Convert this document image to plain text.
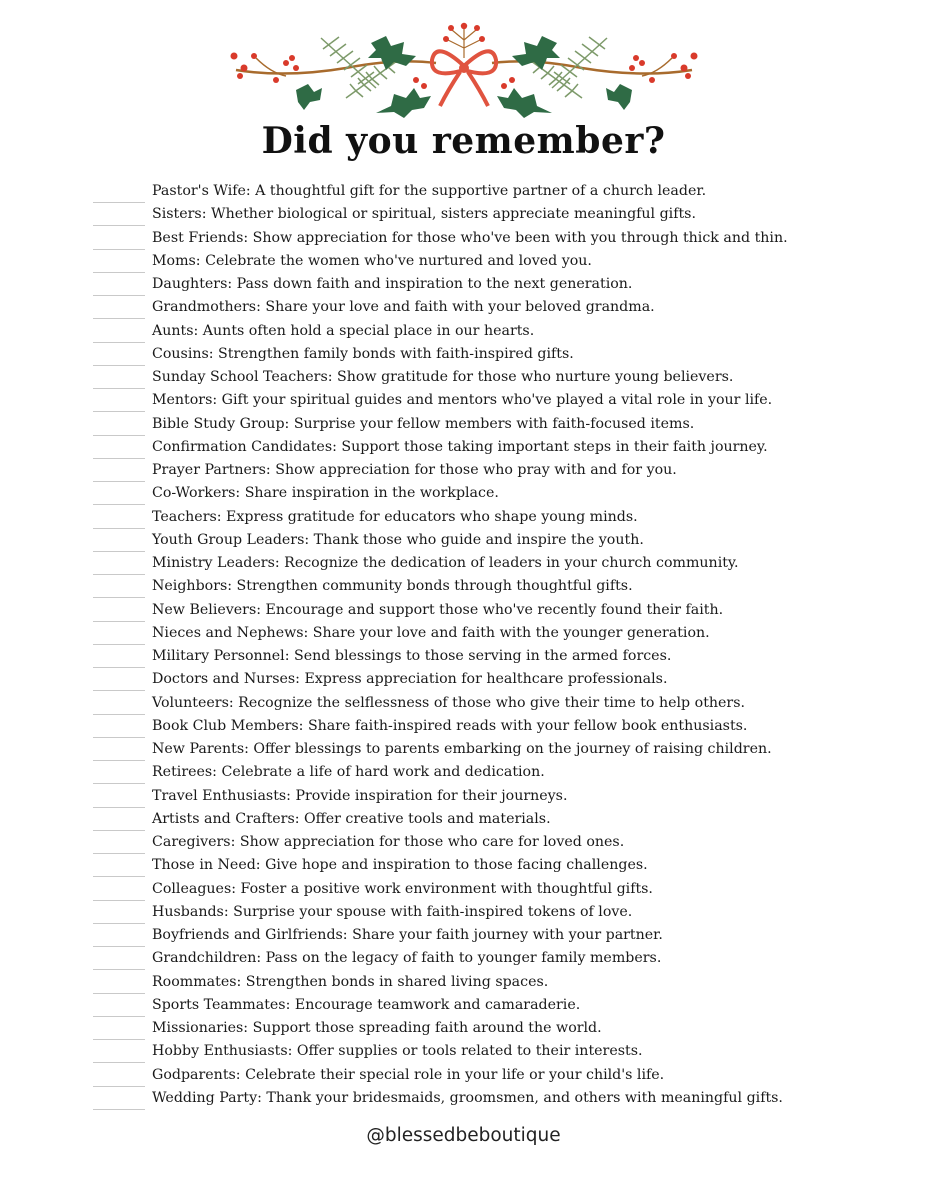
Did you remember?
Pastor's Wife: A thoughtful gift for the supportive partner of a church leader.
Sisters: Whether biological or spiritual, sisters appreciate meaningful gifts.
Best Friends: Show appreciation for those who've been with you through thick and thin.
Moms: Celebrate the women who've nurtured and loved you.
Daughters: Pass down faith and inspiration to the next generation.
Grandmothers: Share your love and faith with your beloved grandma.
Aunts: Aunts often hold a special place in our hearts.
Cousins: Strengthen family bonds with faith-inspired gifts.
Sunday School Teachers: Show gratitude for those who nurture young believers.
Mentors: Gift your spiritual guides and mentors who've played a vital role in your life.
Bible Study Group: Surprise your fellow members with faith-focused items.
Confirmation Candidates: Support those taking important steps in their faith journey.
Prayer Partners: Show appreciation for those who pray with and for you.
Co-Workers: Share inspiration in the workplace.
Teachers: Express gratitude for educators who shape young minds.
Youth Group Leaders: Thank those who guide and inspire the youth.
Ministry Leaders: Recognize the dedication of leaders in your church community.
Neighbors: Strengthen community bonds through thoughtful gifts.
New Believers: Encourage and support those who've recently found their faith.
Nieces and Nephews: Share your love and faith with the younger generation.
Military Personnel: Send blessings to those serving in the armed forces.
Doctors and Nurses: Express appreciation for healthcare professionals.
Volunteers: Recognize the selflessness of those who give their time to help others.
Book Club Members: Share faith-inspired reads with your fellow book enthusiasts.
New Parents: Offer blessings to parents embarking on the journey of raising children.
Retirees: Celebrate a life of hard work and dedication.
Travel Enthusiasts: Provide inspiration for their journeys.
Artists and Crafters: Offer creative tools and materials.
Caregivers: Show appreciation for those who care for loved ones.
Those in Need: Give hope and inspiration to those facing challenges.
Colleagues: Foster a positive work environment with thoughtful gifts.
Husbands: Surprise your spouse with faith-inspired tokens of love.
Boyfriends and Girlfriends: Share your faith journey with your partner.
Grandchildren: Pass on the legacy of faith to younger family members.
Roommates: Strengthen bonds in shared living spaces.
Sports Teammates: Encourage teamwork and camaraderie.
Missionaries: Support those spreading faith around the world.
Hobby Enthusiasts: Offer supplies or tools related to their interests.
Godparents: Celebrate their special role in your life or your child's life.
Wedding Party: Thank your bridesmaids, groomsmen, and others with meaningful gifts.
@blessedbeboutique
